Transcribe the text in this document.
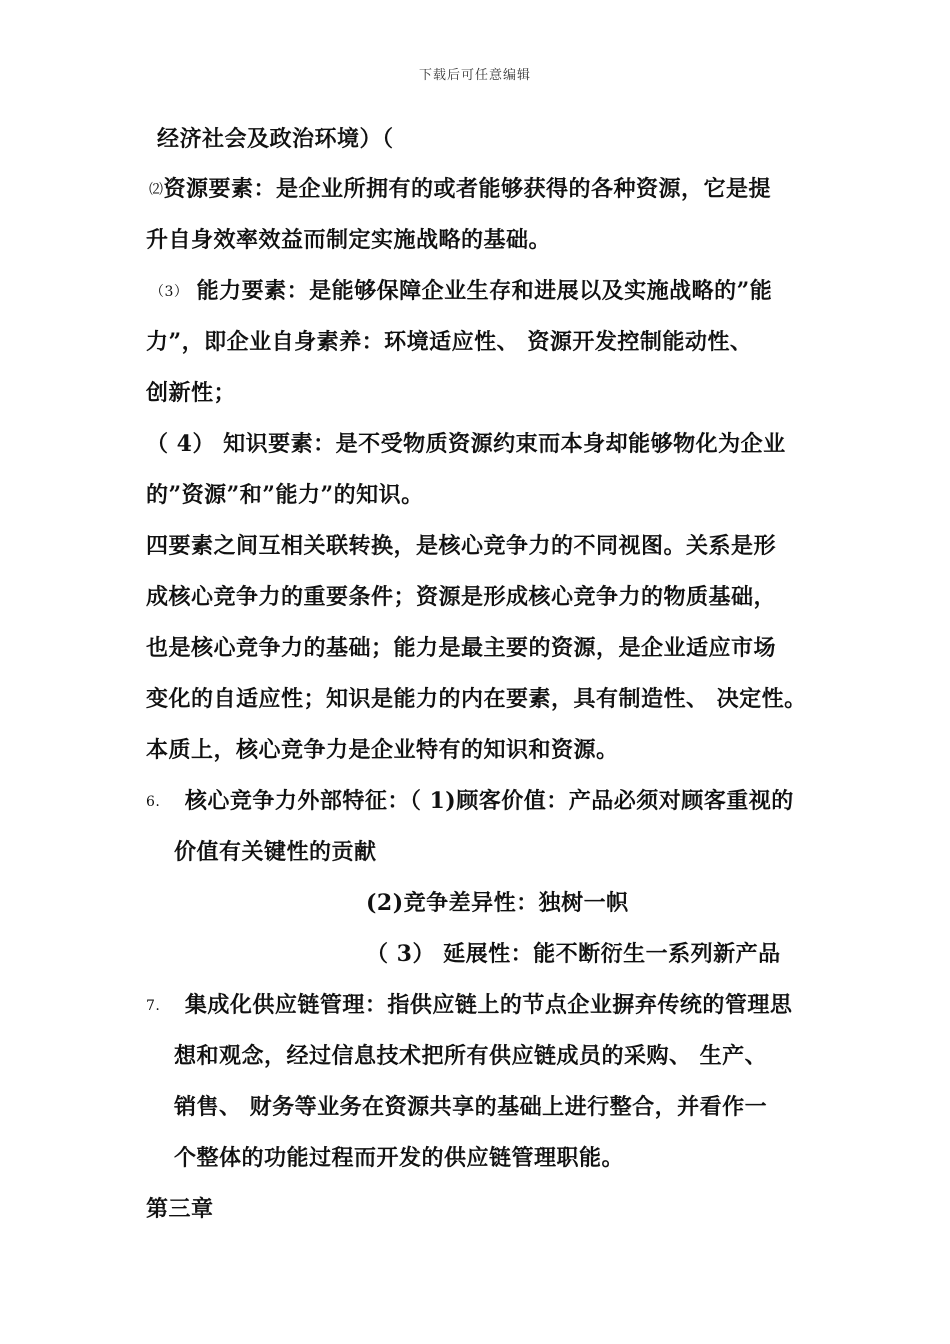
下载后可任意编辑
经济社会及政治环境）（
⑵资源要素：是企业所拥有的或者能够获得的各种资源，它是提
升自身效率效益而制定实施战略的基础。
（3） 能力要素：是能够保障企业生存和进展以及实施战略的”能
力”，即企业自身素养：环境适应性、 资源开发控制能动性、
创新性；
（ 4） 知识要素：是不受物质资源约束而本身却能够物化为企业
的”资源”和”能力”的知识。
四要素之间互相关联转换，是核心竞争力的不同视图。关系是形
成核心竞争力的重要条件；资源是形成核心竞争力的物质基础，
也是核心竞争力的基础；能力是最主要的资源，是企业适应市场
变化的自适应性；知识是能力的内在要素，具有制造性、 决定性。
本质上，核心竞争力是企业特有的知识和资源。
6. 核心竞争力外部特征：（ 1)顾客价值：产品必须对顾客重视的
价值有关键性的贡献
(2)竞争差异性：独树一帜
（ 3） 延展性：能不断衍生一系列新产品
7. 集成化供应链管理：指供应链上的节点企业摒弃传统的管理思
想和观念，经过信息技术把所有供应链成员的采购、 生产、
销售、 财务等业务在资源共享的基础上进行整合，并看作一
个整体的功能过程而开发的供应链管理职能。
第三章
